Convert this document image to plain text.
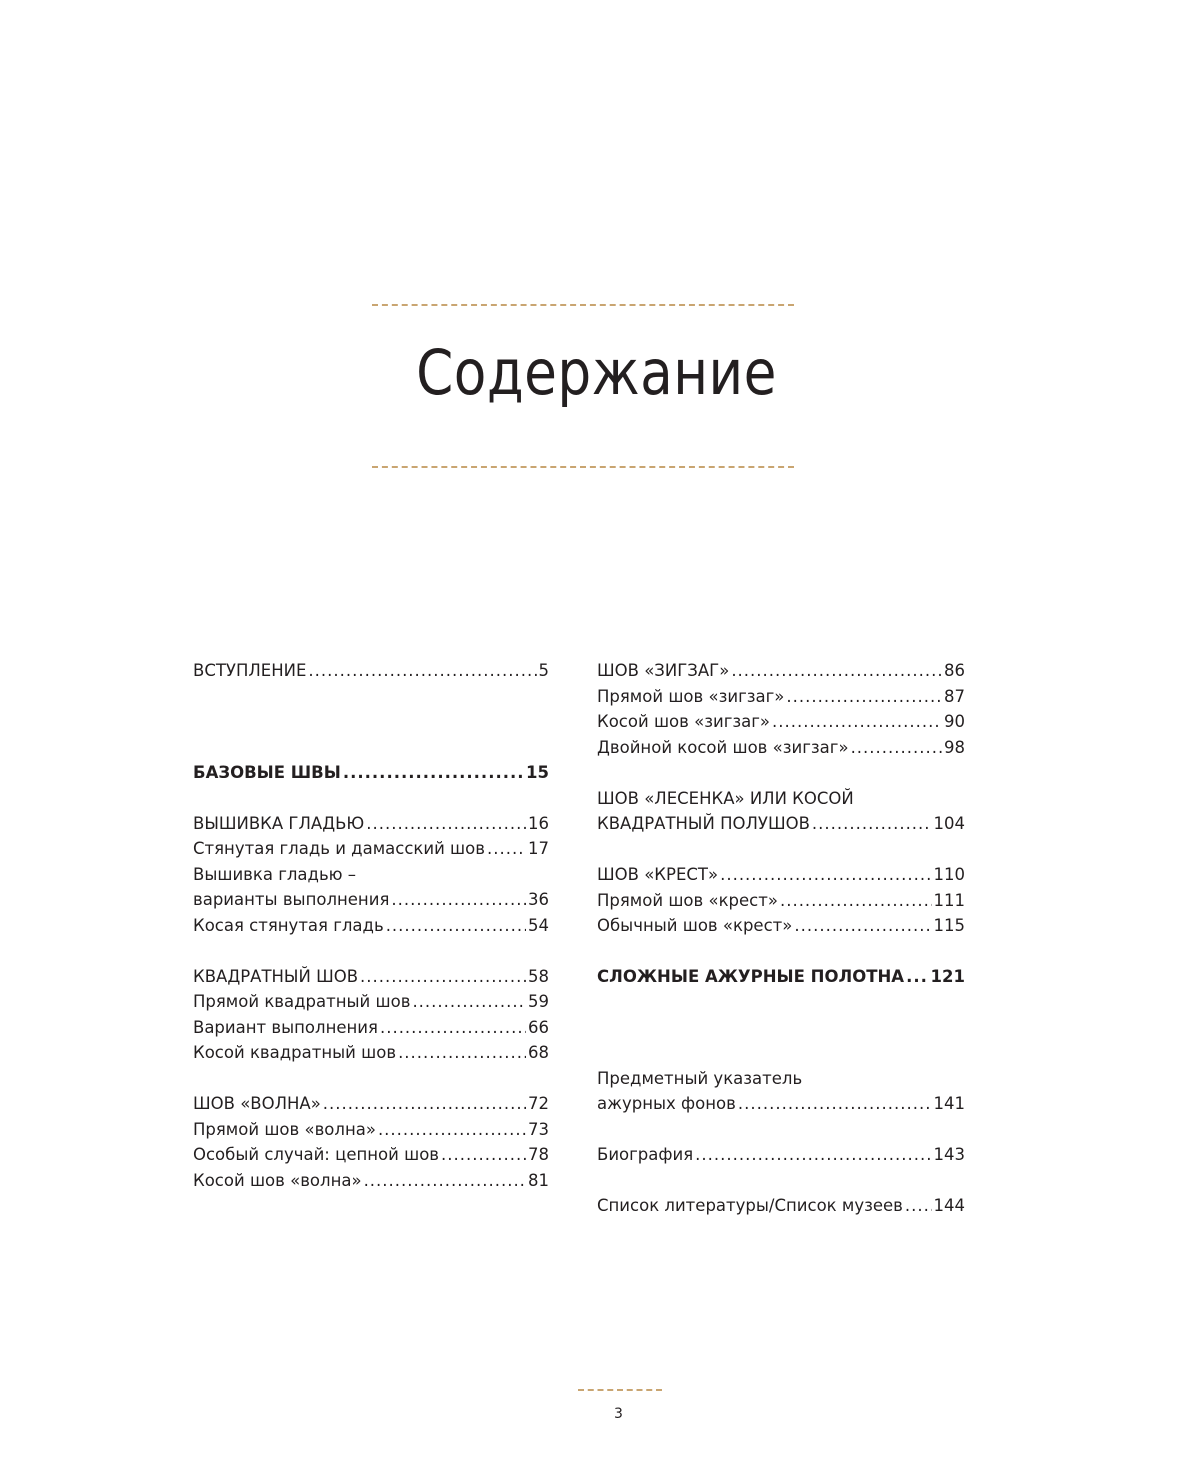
Содержание
ВСТУПЛЕНИЕ .....	5
БАЗОВЫЕ ШВЫ .....	15
ВЫШИВКА ГЛАДЬЮ .....	16
Стянутая гладь и дамасский шов .....	17
Вышивка гладью –
варианты выполнения .....	36
Косая стянутая гладь .....	54
КВАДРАТНЫЙ ШОВ .....	58
Прямой квадратный шов .....	59
Вариант выполнения .....	66
Косой квадратный шов .....	68
ШОВ «ВОЛНА» .....	72
Прямой шов «волна» .....	73
Особый случай: цепной шов .....	78
Косой шов «волна» .....	81
ШОВ «ЗИГЗАГ» .....	86
Прямой шов «зигзаг» .....	87
Косой шов «зигзаг» .....	90
Двойной косой шов «зигзаг» .....	98
ШОВ «ЛЕСЕНКА» ИЛИ КОСОЙ
КВАДРАТНЫЙ ПОЛУШОВ .....	104
ШОВ «КРЕСТ» .....	110
Прямой шов «крест» .....	111
Обычный шов «крест» .....	115
СЛОЖНЫЕ АЖУРНЫЕ ПОЛОТНА ..... 121
Предметный указатель
ажурных фонов .....	141
Биография .....	143
Список литературы/Список музеев ..... 144
3
